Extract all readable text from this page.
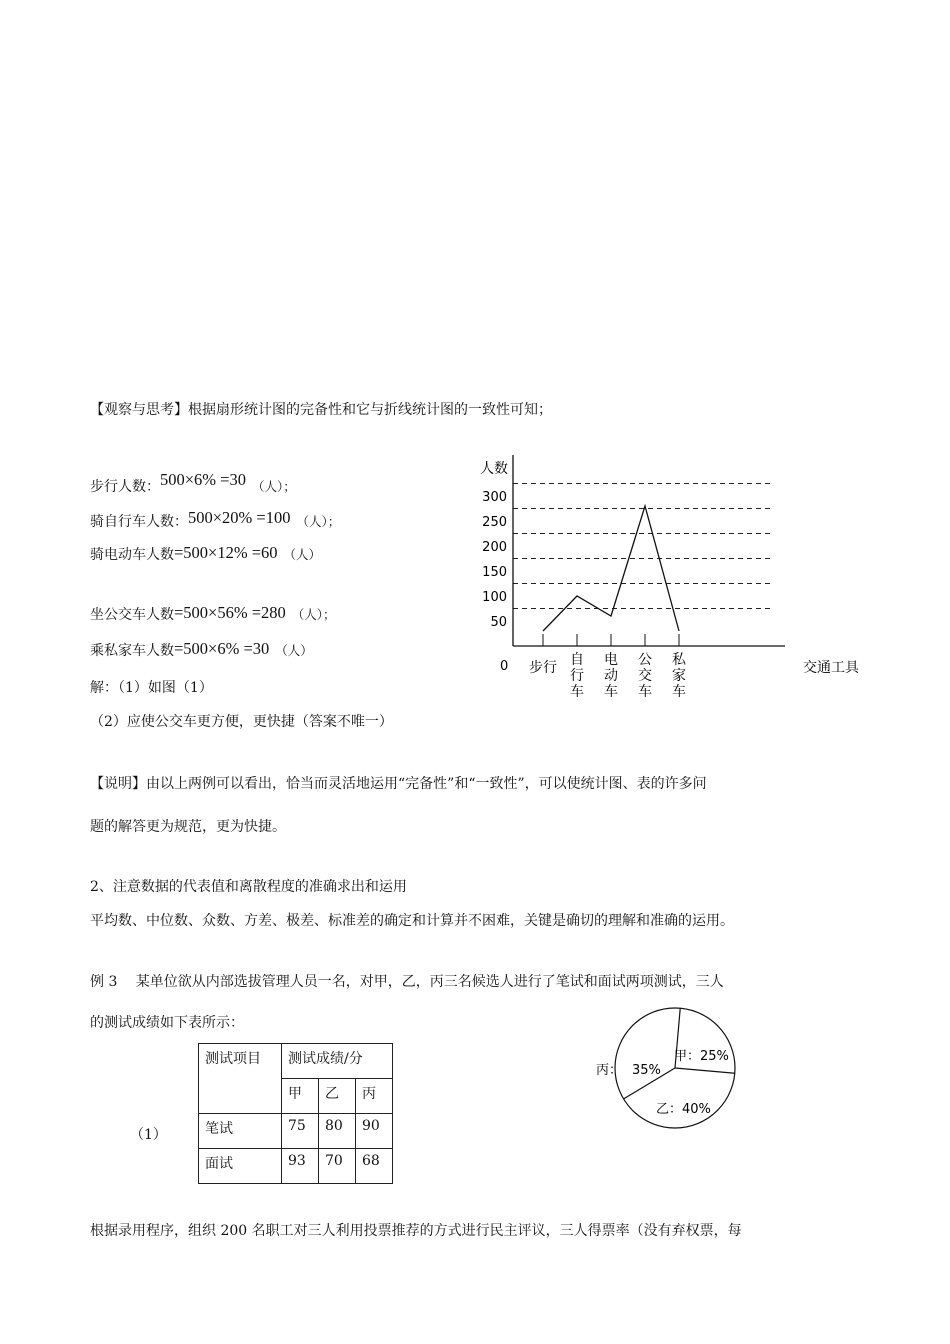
【观察与思考】根据扇形统计图的完备性和它与折线统计图的一致性可知；
步行人数：500×6% =30 （人）；
骑自行车人数：500×20% =100 （人）；
骑电动车人数=500×12% =60 （人）
坐公交车人数=500×56% =280 （人）；
乘私家车人数=500×6% =30 （人）
解：（1）如图（1）
（2）应使公交车更方便，更快捷（答案不唯一）
50
100
150
200
250
300
步行 自行车
电动车
公交车
私家车
人数
交通工具
0
【说明】由以上两例可以看出，恰当而灵活地运用“完备性”和“一致性”，可以使统计图、表的许多问
题的解答更为规范，更为快捷。
2、注意数据的代表值和离散程度的准确求出和运用
平均数、中位数、众数、方差、极差、标准差的确定和计算并不困难，关键是确切的理解和准确的运用。
例 3　 某单位欲从内部选拔管理人员一名，对甲，乙，丙三名候选人进行了笔试和面试两项测试，三人
的测试成绩如下表所示：
（1）
测试项目	测试成绩/分		
	甲	乙	丙
笔试	75	80	90
面试	93	70	68
甲：25%
乙：40%
丙： 35%
根据录用程序，组织 200 名职工对三人利用投票推荐的方式进行民主评议，三人得票率（没有弃权票，每
